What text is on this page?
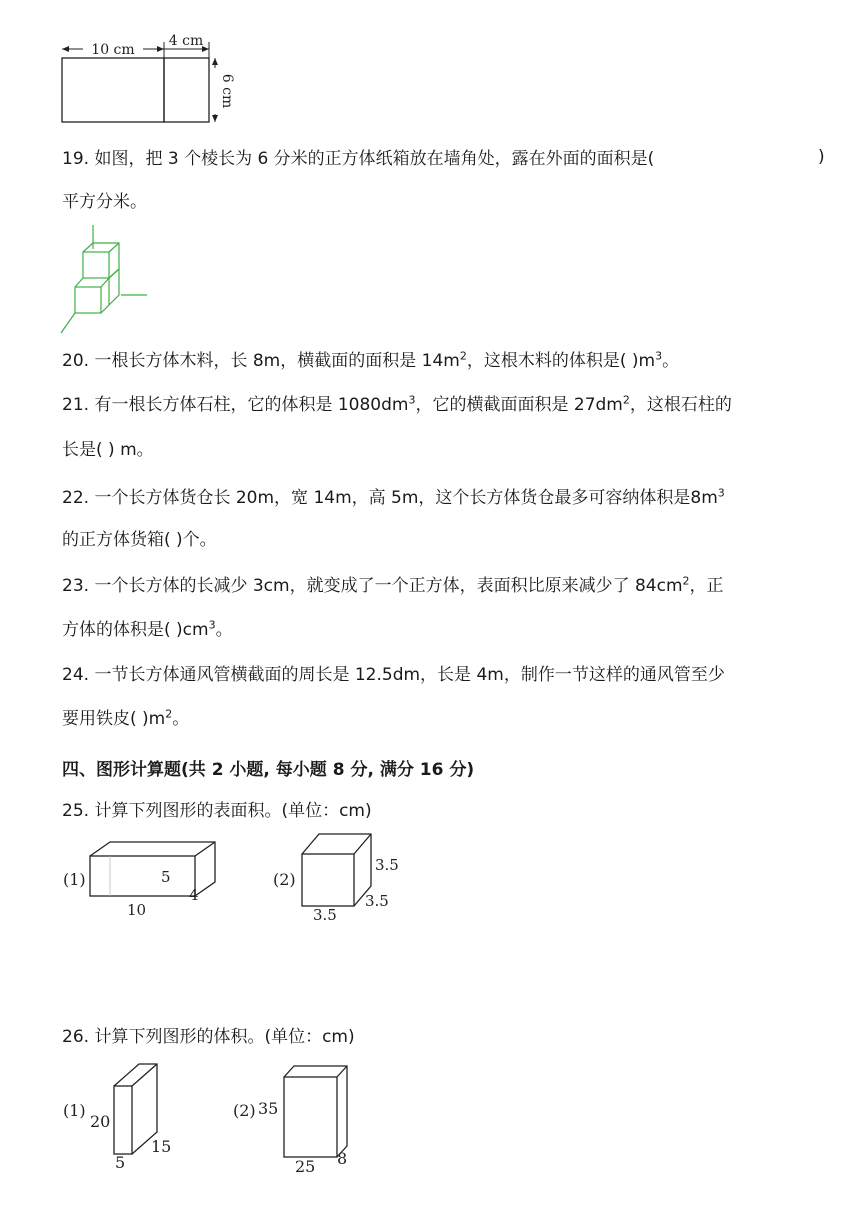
10 cm
4 cm
6 cm
19. 如图，把 3 个棱长为 6 分米的正方体纸箱放在墙角处，露在外面的面积是(	)
平方分米。
20. 一根长方体木料，长 8m，横截面的面积是 $14m^2$，这根木料的体积是( )$m^3$。
21. 有一根长方体石柱，它的体积是 $1080dm^3$，它的横截面面积是 $27dm^2$，这根石柱的
长是( ) m。
22. 一个长方体货仓长 20m，宽 14m，高 5m，这个长方体货仓最多可容纳体积是$8m^3$
的正方体货箱( )个。
23. 一个长方体的长减少 3cm，就变成了一个正方体，表面积比原来减少了 $84cm^2$，正
方体的体积是( )$cm^3$。
24. 一节长方体通风管横截面的周长是 12.5dm，长是 4m，制作一节这样的通风管至少
要用铁皮( )$m^2$。
四、图形计算题(共 2 小题, 每小题 8 分, 满分 16 分)
25. 计算下列图形的表面积。(单位：cm)
(1)	5
4
10
(2)
3.5
3.5
3.5
26. 计算下列图形的体积。(单位：cm)
(1)
20
5
15
(2) 35
25 8
